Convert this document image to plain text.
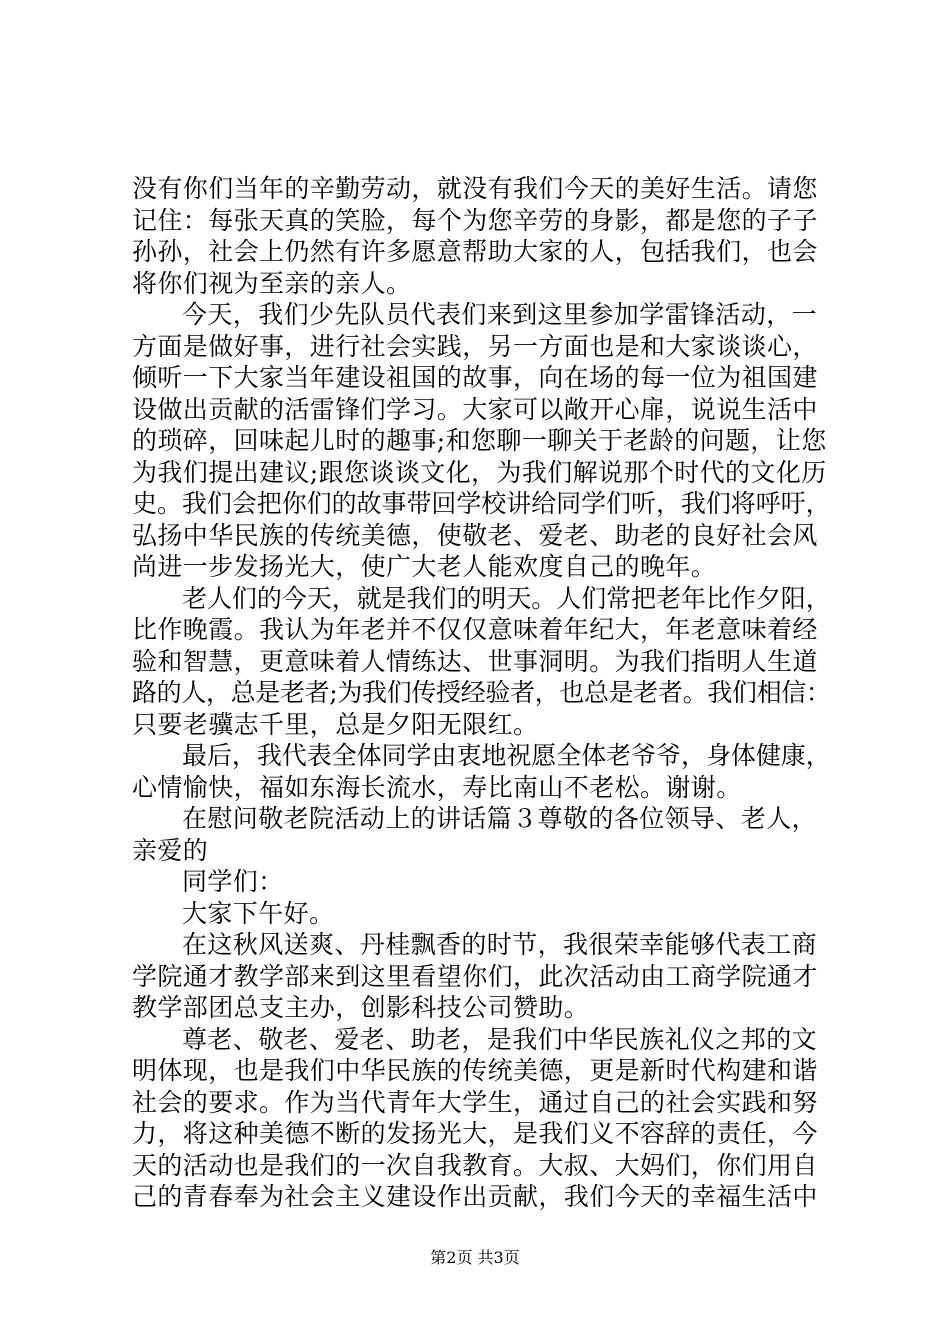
没有你们当年的辛勤劳动，就没有我们今天的美好生活。请您
记住：每张天真的笑脸，每个为您辛劳的身影，都是您的子子
孙孙，社会上仍然有许多愿意帮助大家的人，包括我们，也会
将你们视为至亲的亲人。
今天，我们少先队员代表们来到这里参加学雷锋活动，一
方面是做好事，进行社会实践，另一方面也是和大家谈谈心，
倾听一下大家当年建设祖国的故事，向在场的每一位为祖国建
设做出贡献的活雷锋们学习。大家可以敞开心扉，说说生活中
的琐碎，回味起儿时的趣事;和您聊一聊关于老龄的问题，让您
为我们提出建议;跟您谈谈文化，为我们解说那个时代的文化历
史。我们会把你们的故事带回学校讲给同学们听，我们将呼吁，
弘扬中华民族的传统美德，使敬老、爱老、助老的良好社会风
尚进一步发扬光大，使广大老人能欢度自己的晚年。
老人们的今天，就是我们的明天。人们常把老年比作夕阳，
比作晚霞。我认为年老并不仅仅意味着年纪大，年老意味着经
验和智慧，更意味着人情练达、世事洞明。为我们指明人生道
路的人，总是老者;为我们传授经验者，也总是老者。我们相信：
只要老骥志千里，总是夕阳无限红。
最后，我代表全体同学由衷地祝愿全体老爷爷，身体健康，
心情愉快，福如东海长流水，寿比南山不老松。谢谢。
在慰问敬老院活动上的讲话篇３尊敬的各位领导、老人，
亲爱的
同学们：
大家下午好。
在这秋风送爽、丹桂飘香的时节，我很荣幸能够代表工商
学院通才教学部来到这里看望你们，此次活动由工商学院通才
教学部团总支主办，创影科技公司赞助。
尊老、敬老、爱老、助老，是我们中华民族礼仪之邦的文
明体现，也是我们中华民族的传统美德，更是新时代构建和谐
社会的要求。作为当代青年大学生，通过自己的社会实践和努
力，将这种美德不断的发扬光大，是我们义不容辞的责任，今
天的活动也是我们的一次自我教育。大叔、大妈们，你们用自
己的青春奉为社会主义建设作出贡献，我们今天的幸福生活中
第2页 共3页
